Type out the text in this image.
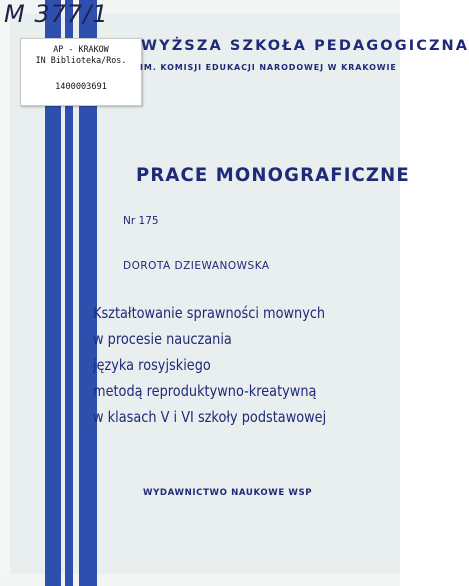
M 377/1
AP - KRAKOW
IN Biblioteka/Ros.
1400003691
WYŻSZA SZKOŁA PEDAGOGICZNA
IM. KOMISJI EDUKACJI NARODOWEJ W KRAKOWIE
PRACE MONOGRAFICZNE
Nr 175
DOROTA DZIEWANOWSKA
Kształtowanie sprawności mownych
w procesie nauczania
języka rosyjskiego
metodą reproduktywno-kreatywną
w klasach V i VI szkoły podstawowej
WYDAWNICTWO NAUKOWE WSP
